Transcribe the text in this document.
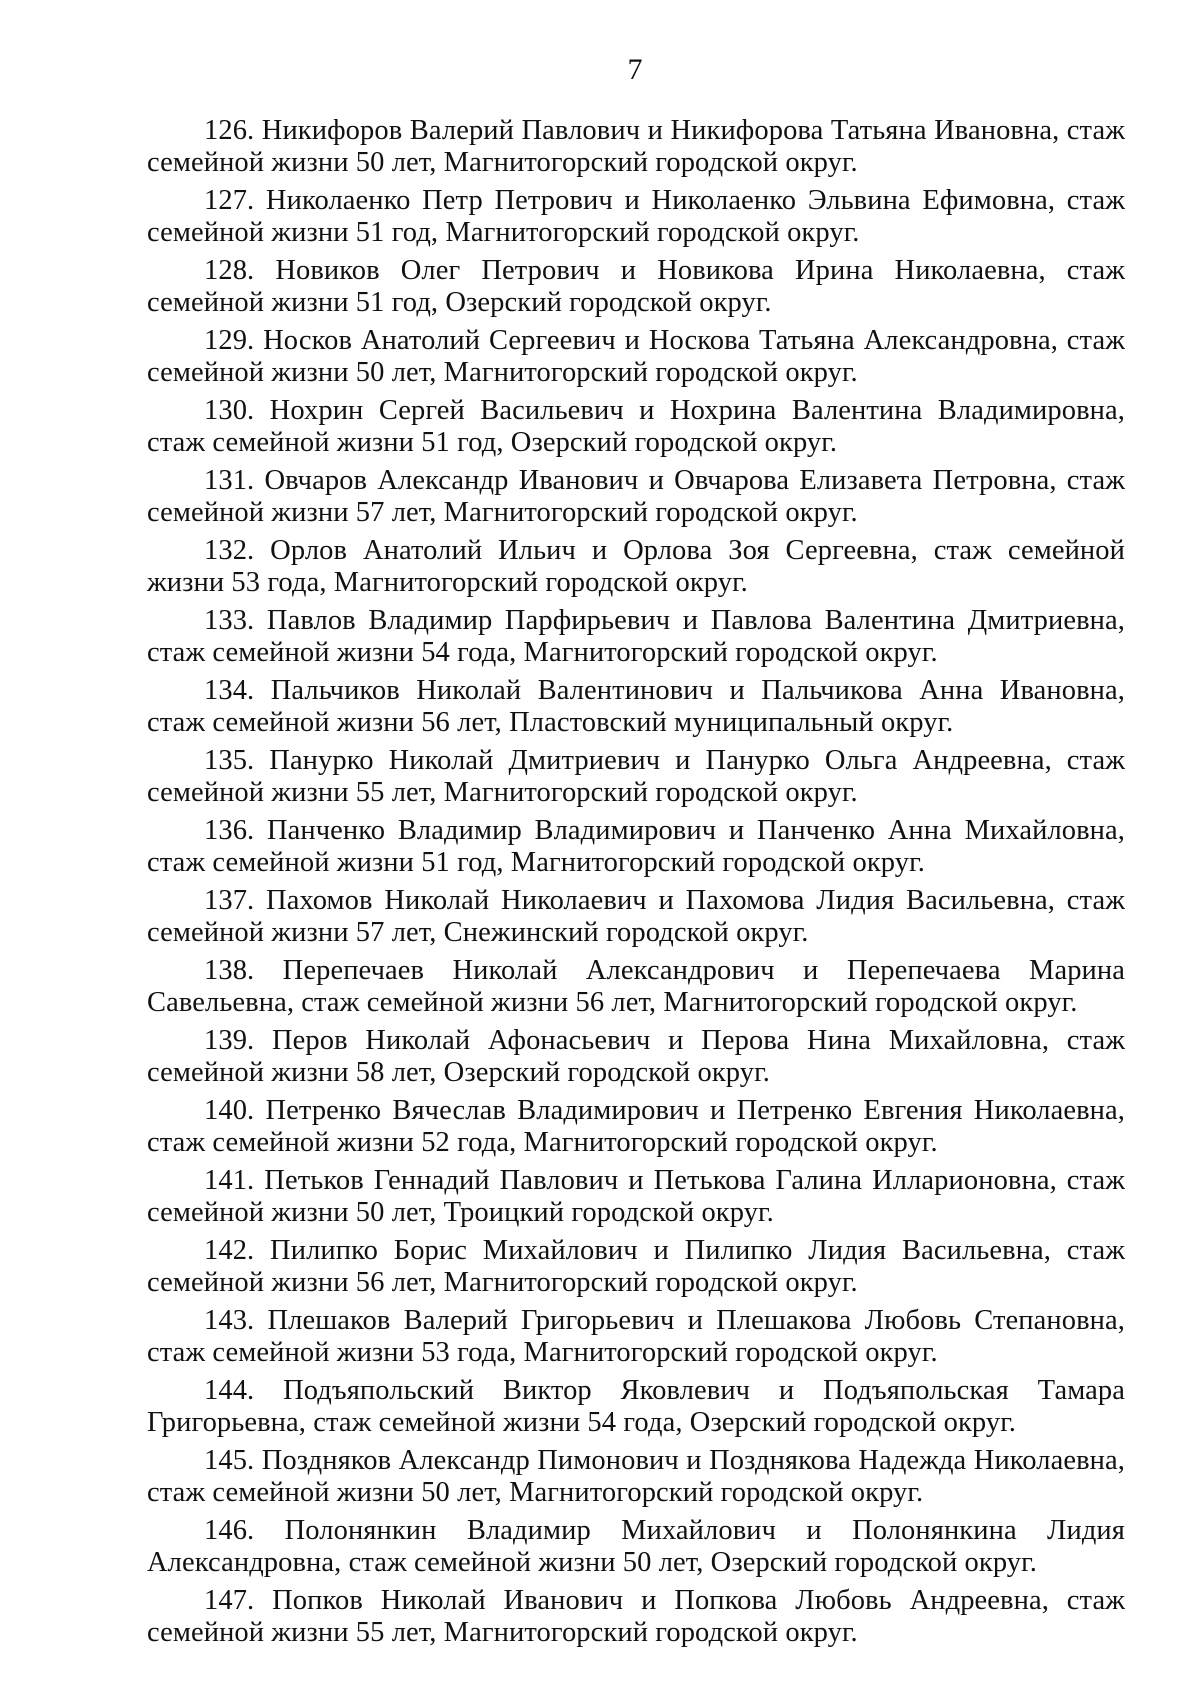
7

126. Никифоров Валерий Павлович и Никифорова Татьяна Ивановна, стаж семейной жизни 50 лет, Магнитогорский городской округ.

127. Николаенко Петр Петрович и Николаенко Эльвина Ефимовна, стаж семейной жизни 51 год, Магнитогорский городской округ.

128. Новиков Олег Петрович и Новикова Ирина Николаевна, стаж семейной жизни 51 год, Озерский городской округ.

129. Носков Анатолий Сергеевич и Носкова Татьяна Александровна, стаж семейной жизни 50 лет, Магнитогорский городской округ.

130. Нохрин Сергей Васильевич и Нохрина Валентина Владимировна, стаж семейной жизни 51 год, Озерский городской округ.

131. Овчаров Александр Иванович и Овчарова Елизавета Петровна, стаж семейной жизни 57 лет, Магнитогорский городской округ.

132. Орлов Анатолий Ильич и Орлова Зоя Сергеевна, стаж семейной жизни 53 года, Магнитогорский городской округ.

133. Павлов Владимир Парфирьевич и Павлова Валентина Дмитриевна, стаж семейной жизни 54 года, Магнитогорский городской округ.

134. Пальчиков Николай Валентинович и Пальчикова Анна Ивановна, стаж семейной жизни 56 лет, Пластовский муниципальный округ.

135. Панурко Николай Дмитриевич и Панурко Ольга Андреевна, стаж семейной жизни 55 лет, Магнитогорский городской округ.

136. Панченко Владимир Владимирович и Панченко Анна Михайловна, стаж семейной жизни 51 год, Магнитогорский городской округ.

137. Пахомов Николай Николаевич и Пахомова Лидия Васильевна, стаж семейной жизни 57 лет, Снежинский городской округ.

138. Перепечаев Николай Александрович и Перепечаева Марина Савельевна, стаж семейной жизни 56 лет, Магнитогорский городской округ.

139. Перов Николай Афонасьевич и Перова Нина Михайловна, стаж семейной жизни 58 лет, Озерский городской округ.

140. Петренко Вячеслав Владимирович и Петренко Евгения Николаевна, стаж семейной жизни 52 года, Магнитогорский городской округ.

141. Петьков Геннадий Павлович и Петькова Галина Илларионовна, стаж семейной жизни 50 лет, Троицкий городской округ.

142. Пилипко Борис Михайлович и Пилипко Лидия Васильевна, стаж семейной жизни 56 лет, Магнитогорский городской округ.

143. Плешаков Валерий Григорьевич и Плешакова Любовь Степановна, стаж семейной жизни 53 года, Магнитогорский городской округ.

144. Подъяпольский Виктор Яковлевич и Подъяпольская Тамара Григорьевна, стаж семейной жизни 54 года, Озерский городской округ.

145. Поздняков Александр Пимонович и Позднякова Надежда Николаевна, стаж семейной жизни 50 лет, Магнитогорский городской округ.

146. Полонянкин Владимир Михайлович и Полонянкина Лидия Александровна, стаж семейной жизни 50 лет, Озерский городской округ.

147. Попков Николай Иванович и Попкова Любовь Андреевна, стаж семейной жизни 55 лет, Магнитогорский городской округ.
